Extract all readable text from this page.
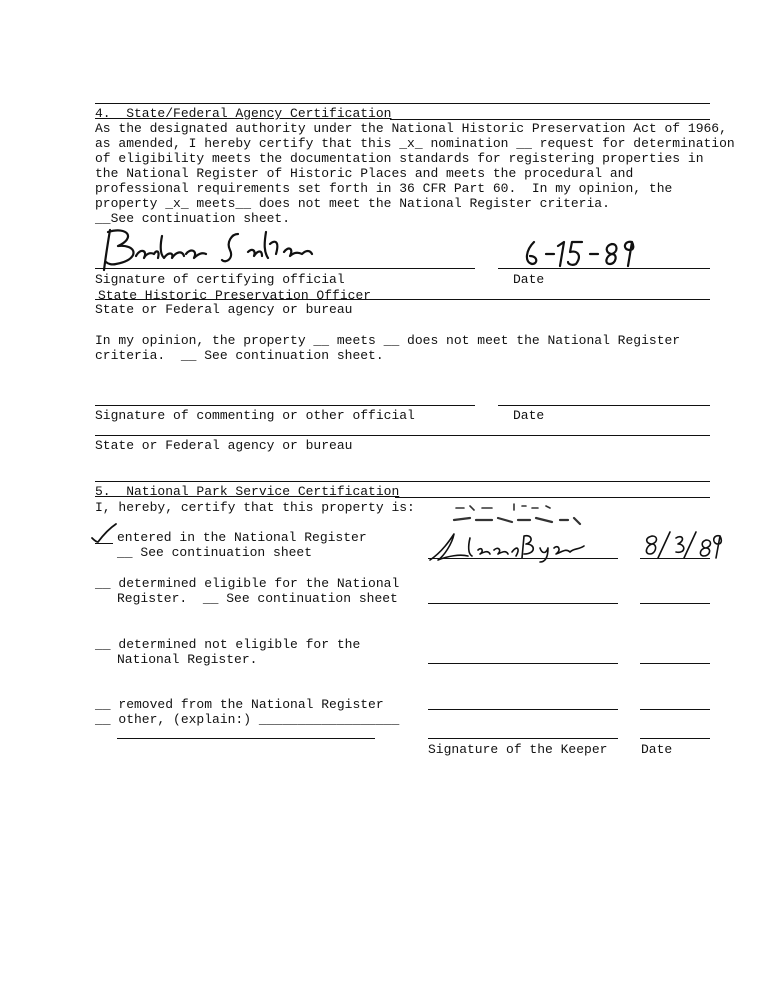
4.  State/Federal Agency Certification
As the designated authority under the National Historic Preservation Act of 1966,
as amended, I hereby certify that this _x_ nomination __ request for determination
of eligibility meets the documentation standards for registering properties in
the National Register of Historic Places and meets the procedural and
professional requirements set forth in 36 CFR Part 60.  In my opinion, the
property _x_ meets__ does not meet the National Register criteria.
__See continuation sheet.
Signature of certifying official	Date
State Historic Preservation Officer
State or Federal agency or bureau
In my opinion, the property __ meets __ does not meet the National Register
criteria.  __ See continuation sheet.
Signature of commenting or other official	Date
State or Federal agency or bureau
5.  National Park Service Certification
I, hereby, certify that this property is:
entered in the National Register
__ See continuation sheet
__ determined eligible for the National
Register.  __ See continuation sheet
__ determined not eligible for the
National Register.
__ removed from the National Register
__ other, (explain:) __________________
Signature of the Keeper	Date
